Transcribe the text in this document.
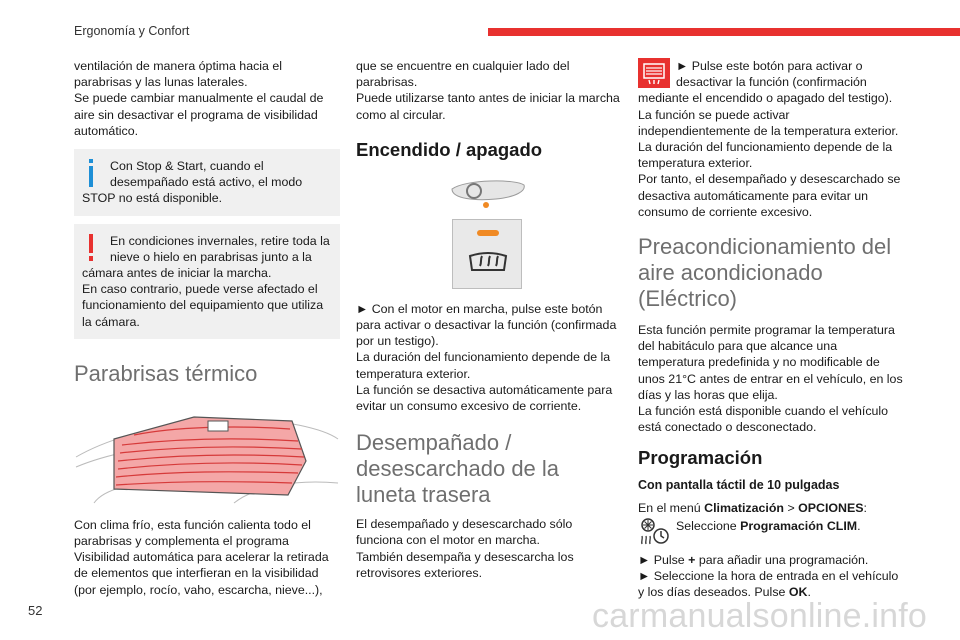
Ergonomía y Confort
52	carmanualsonline.info

ventilación de manera óptima hacia el parabrisas y las lunas laterales.

Se puede cambiar manualmente el caudal de aire sin desactivar el programa de visibilidad automático.

Con Stop & Start, cuando el

desempañado está activo, el modo

STOP no está disponible.

En condiciones invernales, retire toda la

nieve o hielo en parabrisas junto a la

cámara antes de iniciar la marcha.

En caso contrario, puede verse afectado el funcionamiento del equipamiento que utiliza la cámara.

Parabrisas térmico

Con clima frío, esta función calienta todo el parabrisas y complementa el programa Visibilidad automática para acelerar la retirada de elementos que interfieran en la visibilidad (por ejemplo, rocío, vaho, escarcha, nieve...),

que se encuentre en cualquier lado del parabrisas.

Puede utilizarse tanto antes de iniciar la marcha como al circular.

Encendido / apagado

► Con el motor en marcha, pulse este botón para activar o desactivar la función (confirmada por un testigo).

La duración del funcionamiento depende de la temperatura exterior.

La función se desactiva automáticamente para evitar un consumo excesivo de corriente.

Desempañado / desescarchado de la luneta trasera

El desempañado y desescarchado sólo funciona con el motor en marcha.

También desempaña y desescarcha los retrovisores exteriores.

► Pulse este botón para activar o

desactivar la función (confirmación

mediante el encendido o apagado del testigo).

La función se puede activar independientemente de la temperatura exterior.

La duración del funcionamiento depende de la temperatura exterior.

Por tanto, el desempañado y desescarchado se desactiva automáticamente para evitar un consumo de corriente excesivo.

Preacondicionamiento del aire acondicionado (Eléctrico)

Esta función permite programar la temperatura del habitáculo para que alcance una temperatura predefinida y no modificable de unos 21°C antes de entrar en el vehículo, en los días y las horas que elija.

La función está disponible cuando el vehículo está conectado o desconectado.

Programación

Con pantalla táctil de 10 pulgadas

En el menú Climatización > OPCIONES:

Seleccione Programación CLIM.

► Pulse + para añadir una programación.

► Seleccione la hora de entrada en el vehículo y los días deseados. Pulse OK.
